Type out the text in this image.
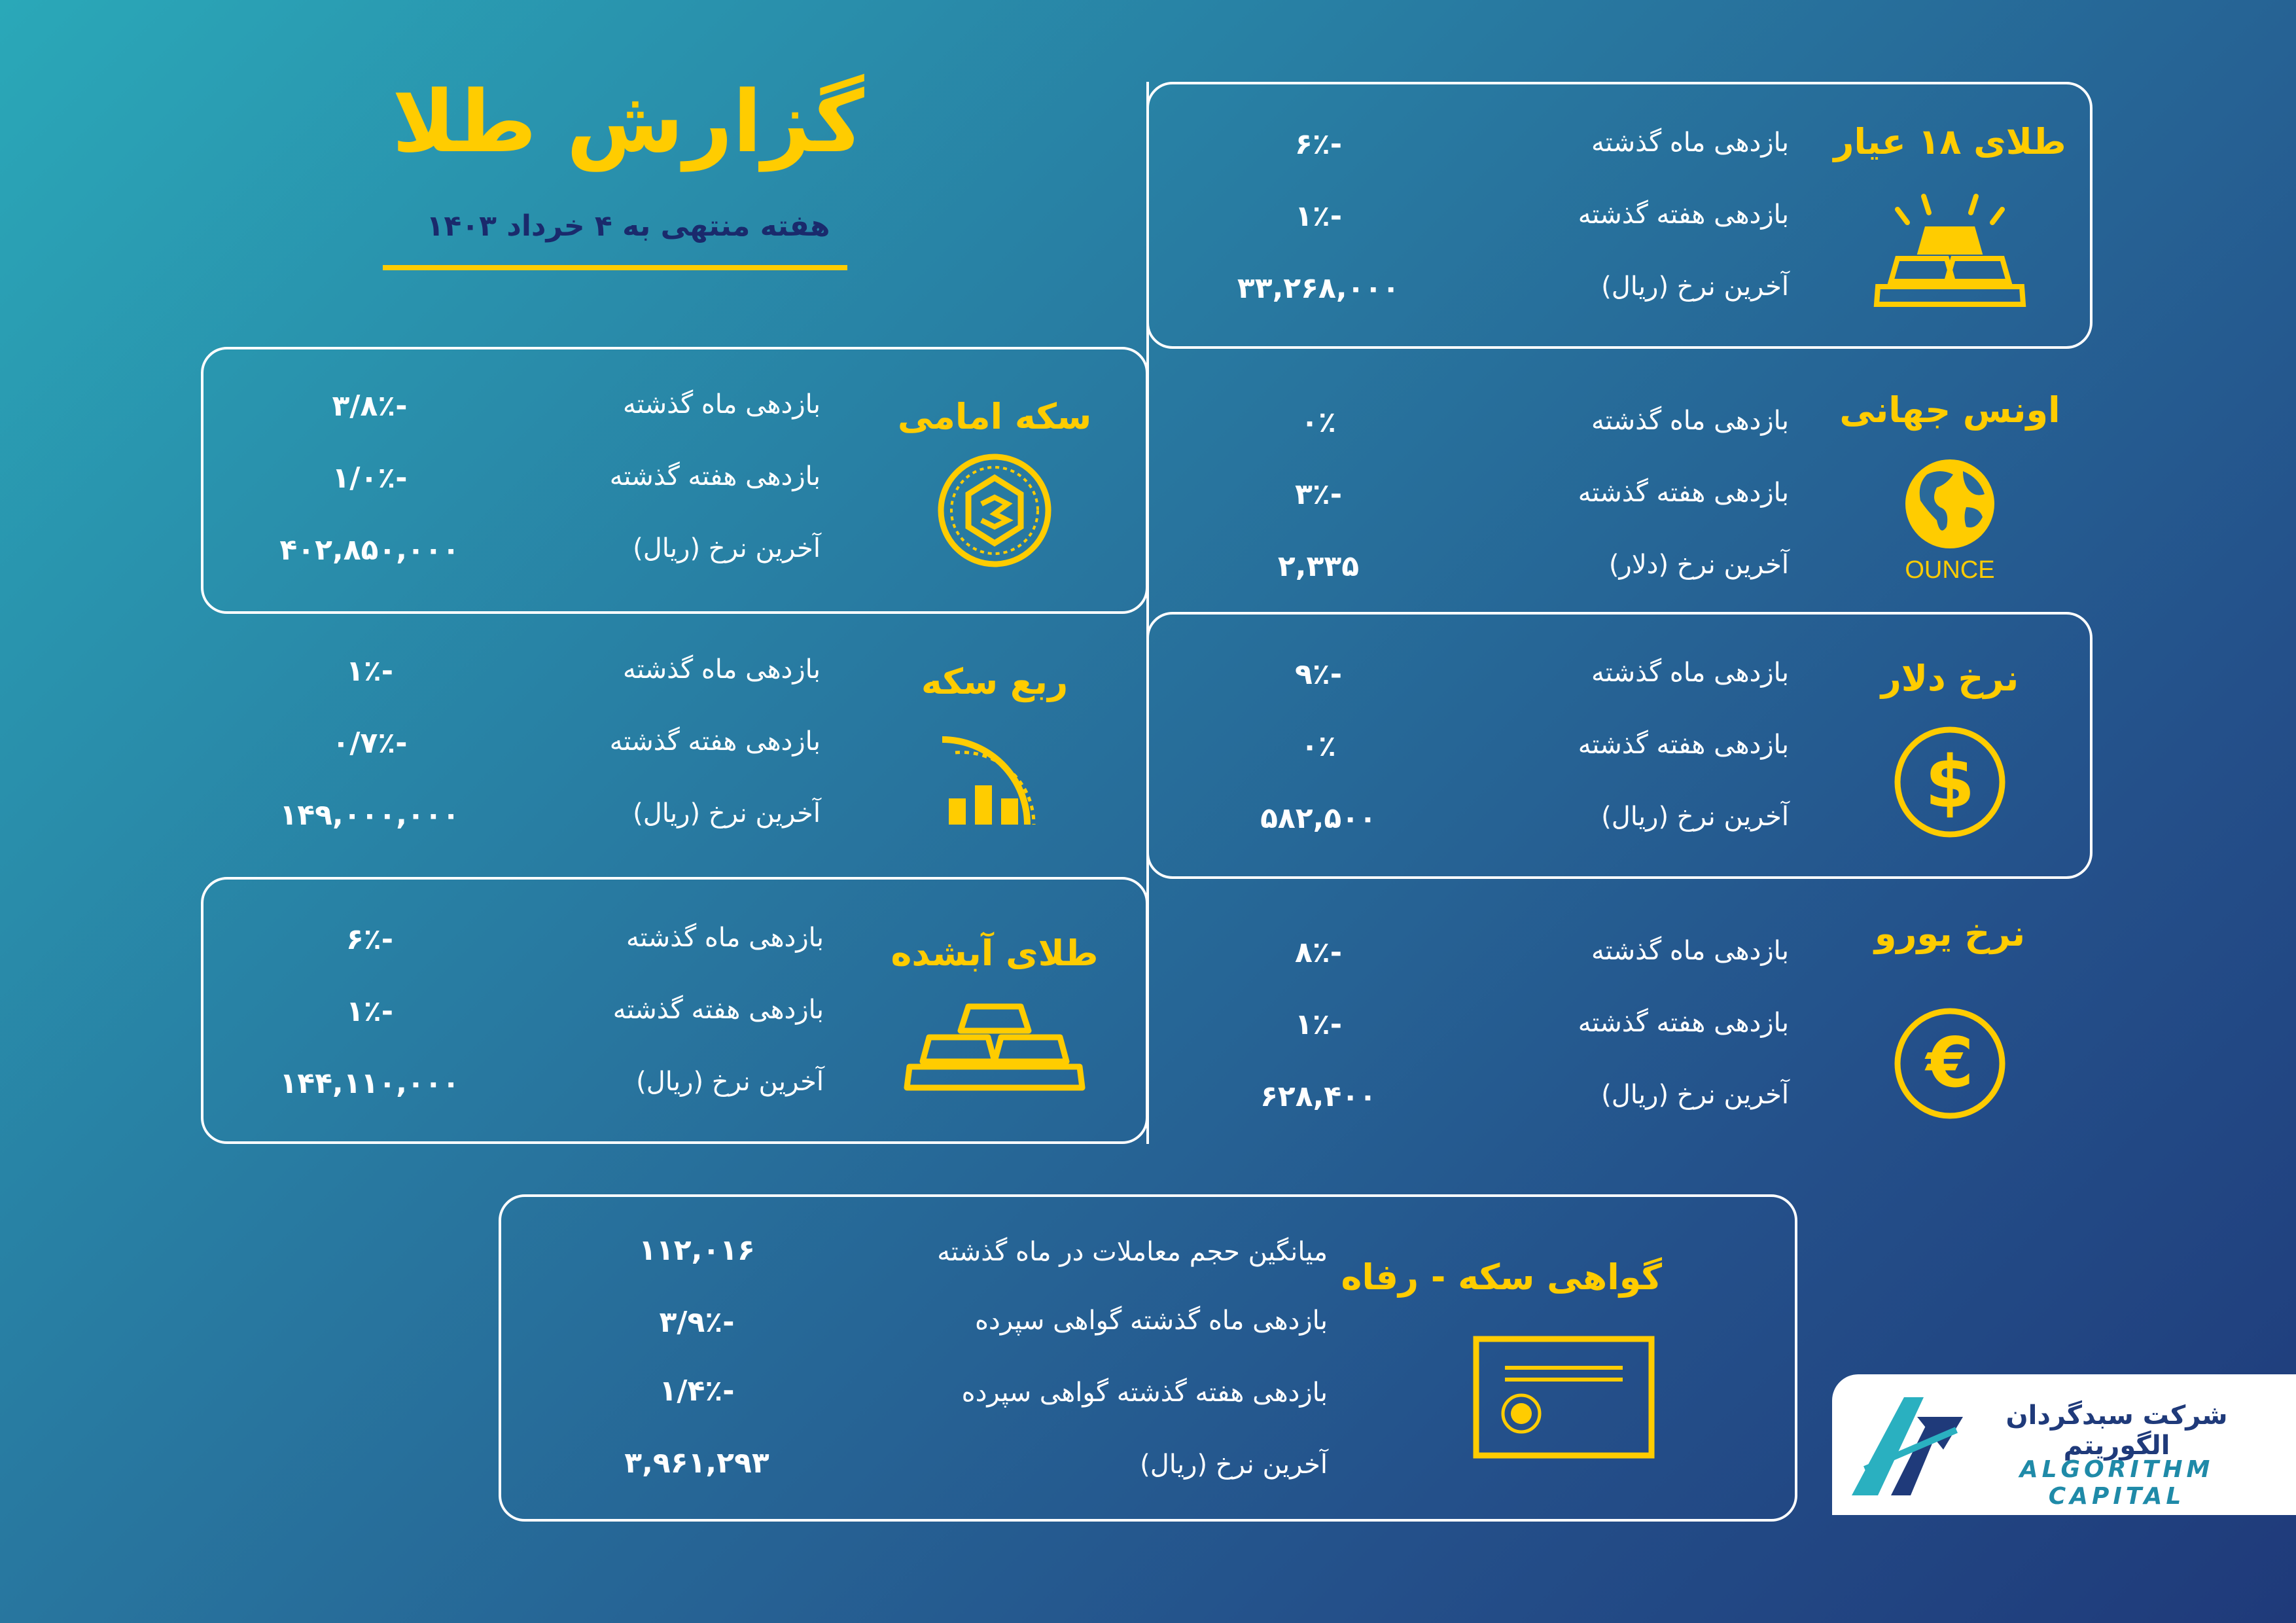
گزارش طلا
هفته منتهی به ۴ خرداد ۱۴۰۳
طلای ۱۸ عیار
بازدهی ماه گذشته
بازدهی هفته گذشته
آخرین نرخ (ریال)
-۶٪
-۱٪
۳۳,۲۶۸,۰۰۰
اونس جهانی
OUNCE
بازدهی ماه گذشته
بازدهی هفته گذشته
آخرین نرخ (دلار)
۰٪
-۳٪
۲,۳۳۵
نرخ دلار
$
بازدهی ماه گذشته
بازدهی هفته گذشته
آخرین نرخ (ریال)
-۹٪
۰٪
۵۸۲,۵۰۰
نرخ یورو
€
بازدهی ماه گذشته
بازدهی هفته گذشته
آخرین نرخ (ریال)
-۸٪
-۱٪
۶۲۸,۴۰۰
سکه امامی
بازدهی ماه گذشته
بازدهی هفته گذشته
آخرین نرخ (ریال)
-۳/۸٪
-۱/۰٪
۴۰۲,۸۵۰,۰۰۰
ربع سکه
بازدهی ماه گذشته
بازدهی هفته گذشته
آخرین نرخ (ریال)
-۱٪
-۰/۷٪
۱۴۹,۰۰۰,۰۰۰
طلای آبشده
بازدهی ماه گذشته
بازدهی هفته گذشته
آخرین نرخ (ریال)
-۶٪
-۱٪
۱۴۴,۱۱۰,۰۰۰
گواهی سکه - رفاه
میانگین حجم معاملات در ماه گذشته
بازدهی ماه گذشته گواهی سپرده
بازدهی هفته گذشته گواهی سپرده
آخرین نرخ (ریال)
۱۱۲,۰۱۶
-۳/۹٪
-۱/۴٪
۳,۹۶۱,۲۹۳
شرکت سبدگردان الگوریتم
ALGORITHM CAPITAL
